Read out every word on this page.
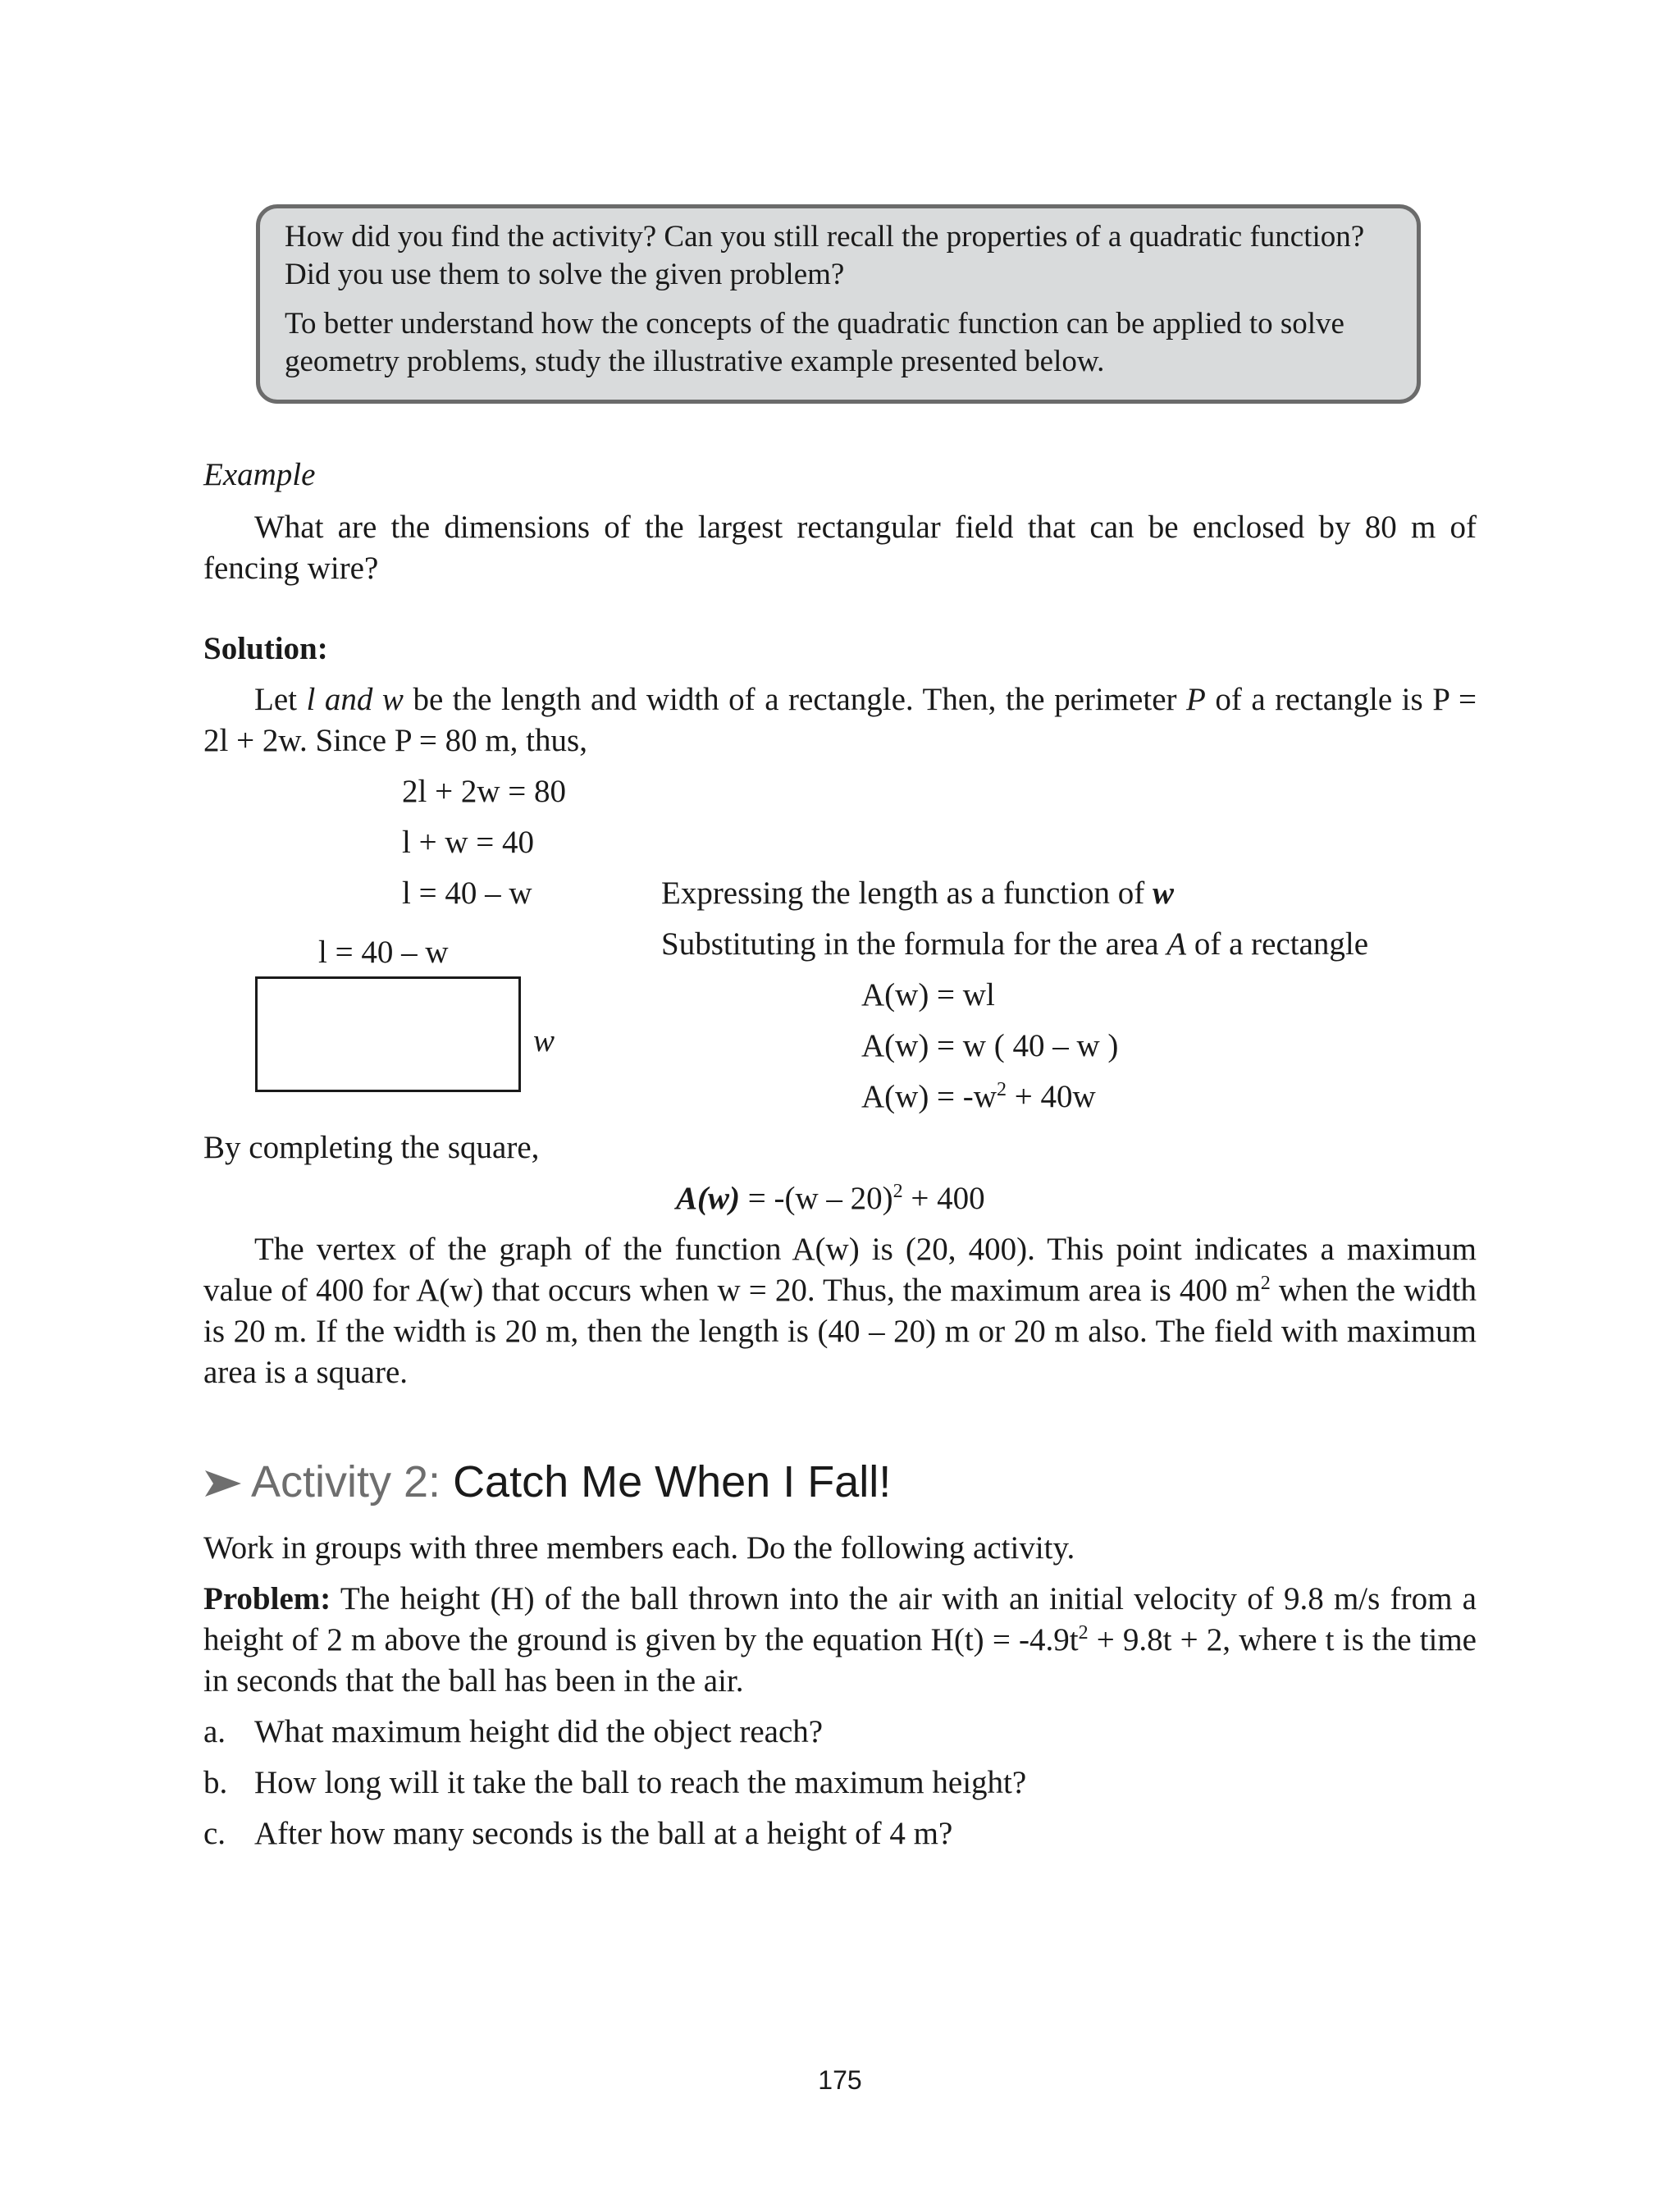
How did you find the activity? Can you still recall the properties of a quadratic function?

Did you use them to solve the given problem?

To better understand how the concepts of the quadratic function can be applied to solve

geometry problems, study the illustrative example presented below.

Example
What are the dimensions of the largest rectangular field that can be enclosed by 80 m of fencing wire?
Solution:
Let l and w be the length and width of a rectangle. Then, the perimeter P of a rectangle is P = 2l + 2w. Since P = 80 m, thus,
2l + 2w = 80
l + w = 40
l = 40 – w	Expressing the length as a function of w
Substituting in the formula for the area A of a rectangle
A(w) = wl
A(w) = w ( 40 – w )
$A(w) = -w^2 + 40w$
l = 40 – w
w
By completing the square,
A(w) = -(w – 20)$^2$ + 400
The vertex of the graph of the function A(w) is (20, 400). This point indicates a maximum value of 400 for A(w) that occurs when w = 20. Thus, the maximum area is 400 $m^2$ when the width is 20 m. If the width is 20 m, then the length is (40 – 20) m or 20 m also. The field with maximum area is a square.
Activity 2: Catch Me When I Fall!
Work in groups with three members each. Do the following activity.
Problem: The height (H) of the ball thrown into the air with an initial velocity of 9.8 m/s from a height of 2 m above the ground is given by the equation $H(t) = -4.9t^2 + 9.8t + 2$, where t is the time in seconds that the ball has been in the air.
a. What maximum height did the object reach?
b. How long will it take the ball to reach the maximum height?
c. After how many seconds is the ball at a height of 4 m?
175
